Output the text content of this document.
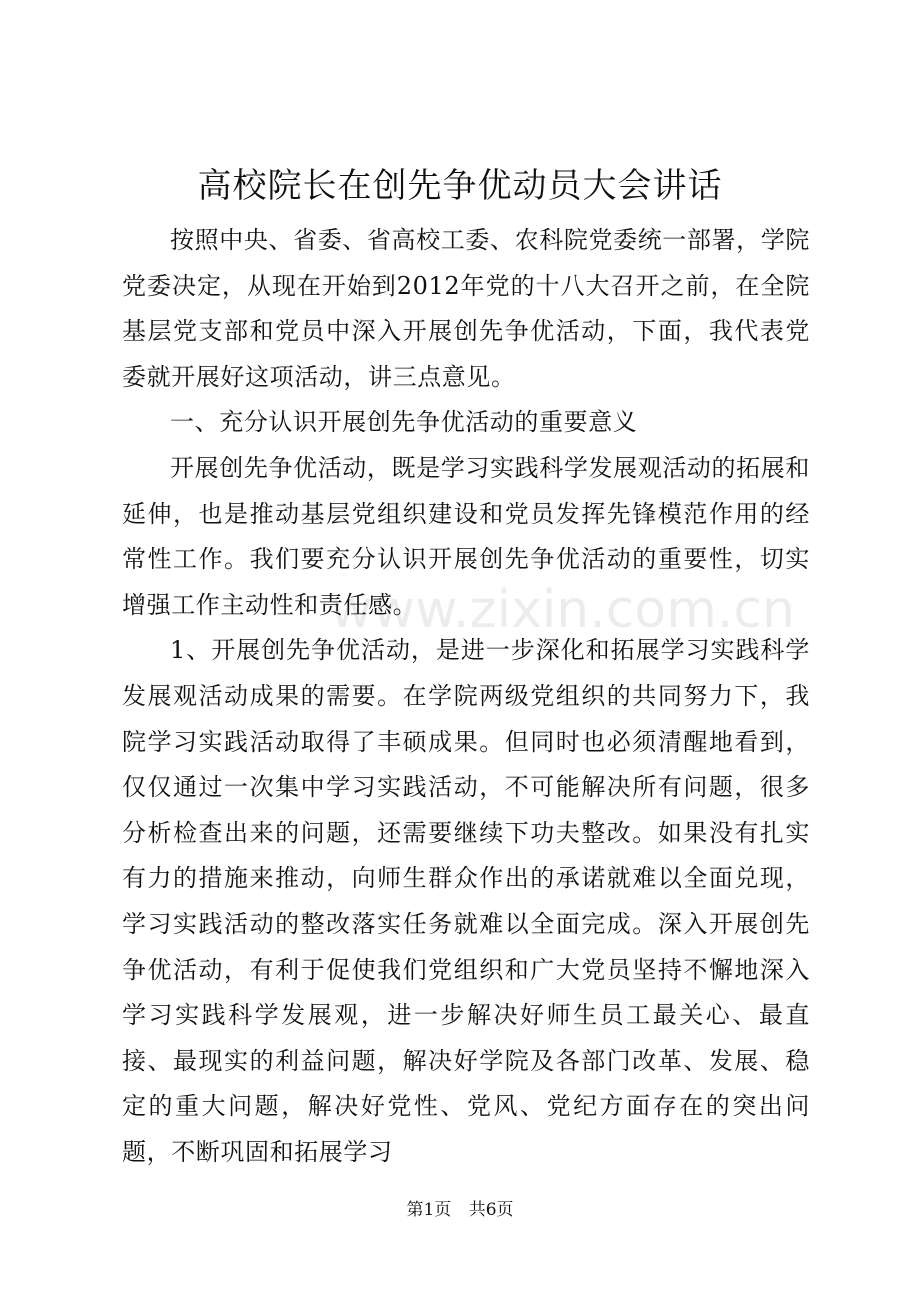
高校院长在创先争优动员大会讲话

按照中央、省委、省高校工委、农科院党委统一部署，学院党委决定，从现在开始到2012年党的十八大召开之前，在全院基层党支部和党员中深入开展创先争优活动，下面，我代表党委就开展好这项活动，讲三点意见。

一、充分认识开展创先争优活动的重要意义

开展创先争优活动，既是学习实践科学发展观活动的拓展和延伸，也是推动基层党组织建设和党员发挥先锋模范作用的经常性工作。我们要充分认识开展创先争优活动的重要性，切实增强工作主动性和责任感。

1、开展创先争优活动，是进一步深化和拓展学习实践科学发展观活动成果的需要。在学院两级党组织的共同努力下，我院学习实践活动取得了丰硕成果。但同时也必须清醒地看到，仅仅通过一次集中学习实践活动，不可能解决所有问题，很多分析检查出来的问题，还需要继续下功夫整改。如果没有扎实有力的措施来推动，向师生群众作出的承诺就难以全面兑现，学习实践活动的整改落实任务就难以全面完成。深入开展创先争优活动，有利于促使我们党组织和广大党员坚持不懈地深入学习实践科学发展观，进一步解决好师生员工最关心、最直接、最现实的利益问题，解决好学院及各部门改革、发展、稳定的重大问题，解决好党性、党风、党纪方面存在的突出问题，不断巩固和拓展学习

www.zixin.com.cn
第1页 共6页
